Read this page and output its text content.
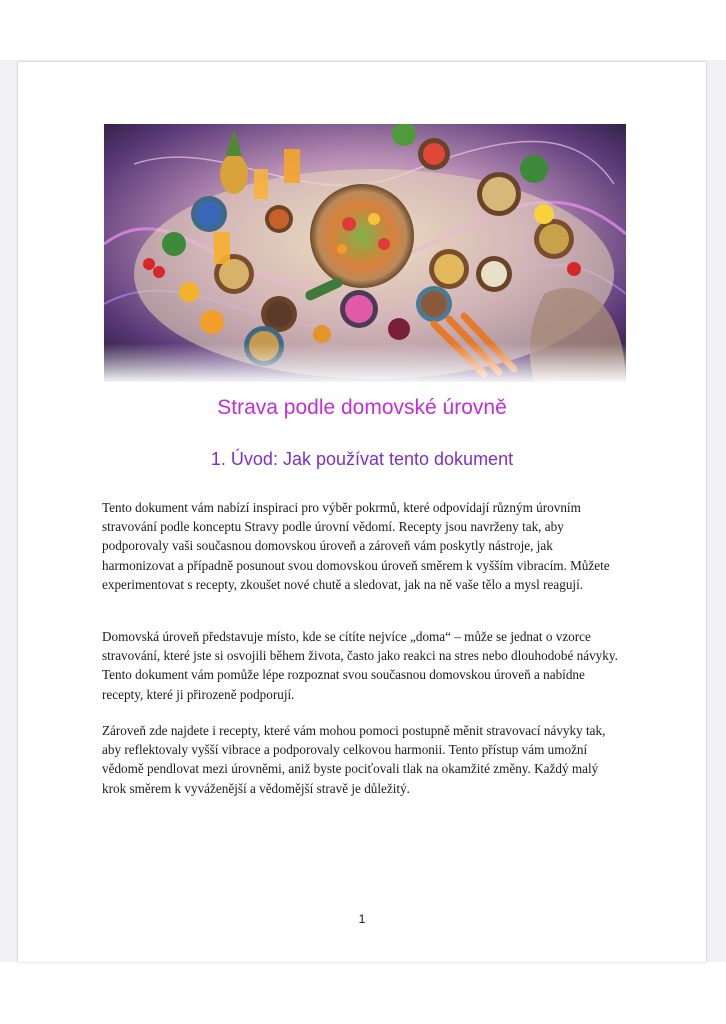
Strava podle domovské úrovně
1. Úvod: Jak používat tento dokument

Tento dokument vám nabízí inspiraci pro výběr pokrmů, které odpovídají různým úrovním stravování podle konceptu Stravy podle úrovní vědomí. Recepty jsou navrženy tak, aby podporovaly vaši současnou domovskou úroveň a zároveň vám poskytly nástroje, jak harmonizovat a případně posunout svou domovskou úroveň směrem k vyšším vibracím. Můžete experimentovat s recepty, zkoušet nové chutě a sledovat, jak na ně vaše tělo a mysl reagují.

Domovská úroveň představuje místo, kde se cítíte nejvíce „doma“ – může se jednat o vzorce stravování, které jste si osvojili během života, často jako reakci na stres nebo dlouhodobé návyky. Tento dokument vám pomůže lépe rozpoznat svou současnou domovskou úroveň a nabídne recepty, které ji přirozeně podporují.

Zároveň zde najdete i recepty, které vám mohou pomoci postupně měnit stravovací návyky tak, aby reflektovaly vyšší vibrace a podporovaly celkovou harmonii. Tento přístup vám umožní vědomě pendlovat mezi úrovněmi, aniž byste pociťovali tlak na okamžité změny. Každý malý krok směrem k vyváženější a vědomější stravě je důležitý.

1
